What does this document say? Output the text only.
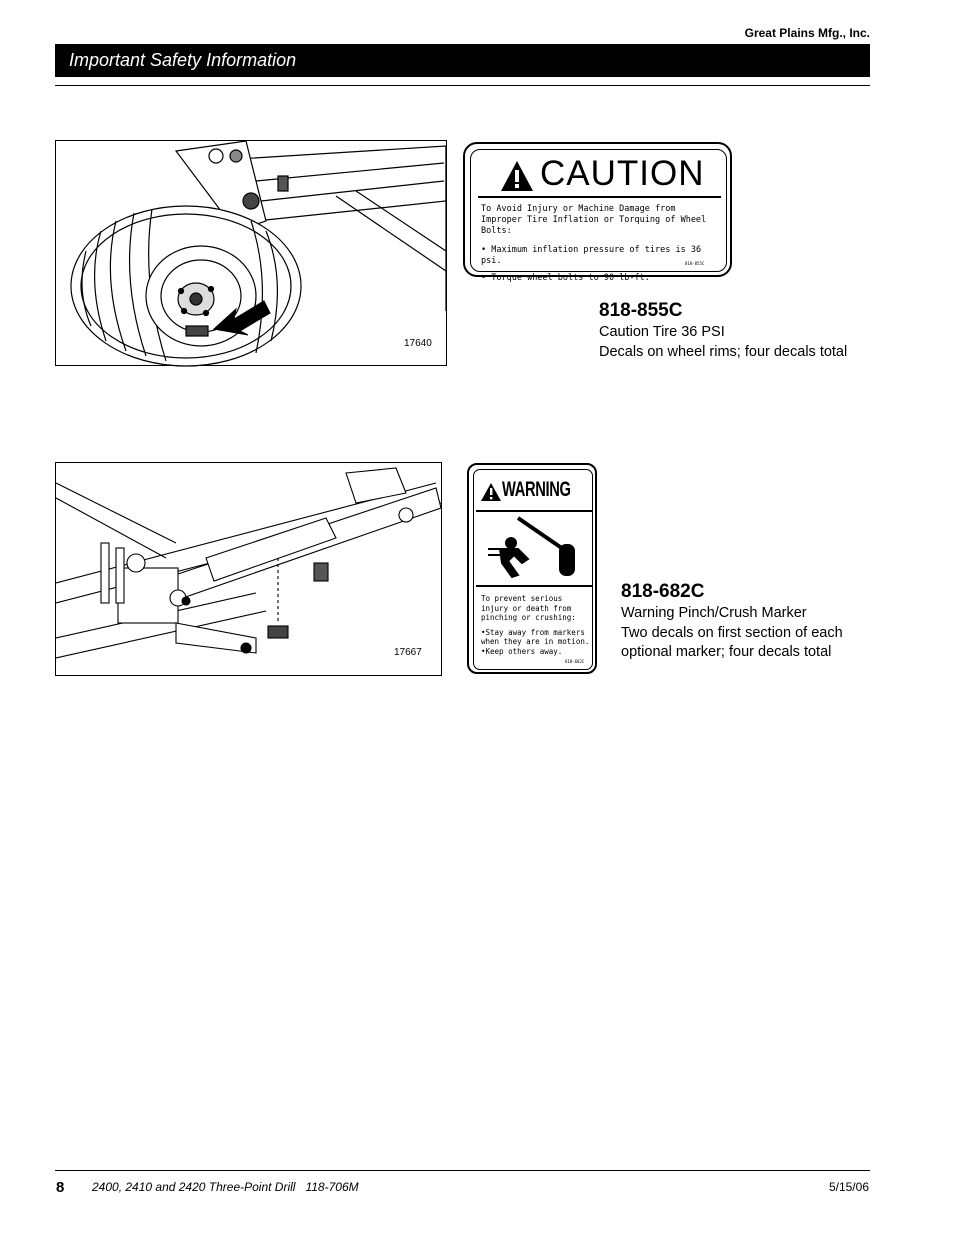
Great Plains Mfg., Inc.
Important Safety Information
17640
CAUTION
To Avoid Injury or Machine Damage from Improper Tire Inflation or Torquing of Wheel Bolts:
• Maximum inflation pressure of tires is 36 psi.
• Torque wheel bolts to 90 lb-ft.
818-855C
818-855C
Caution Tire 36 PSI
Decals on wheel rims; four decals total
17667
WARNING
To prevent serious injury or death from pinching or crushing:
•Stay away from markers when they are in motion.
•Keep others away.
818-682C
818-682C
Warning Pinch/Crush Marker
Two decals on first section of each optional marker; four decals total
8 2400, 2410 and 2420 Three-Point Drill   118-706M	5/15/06
